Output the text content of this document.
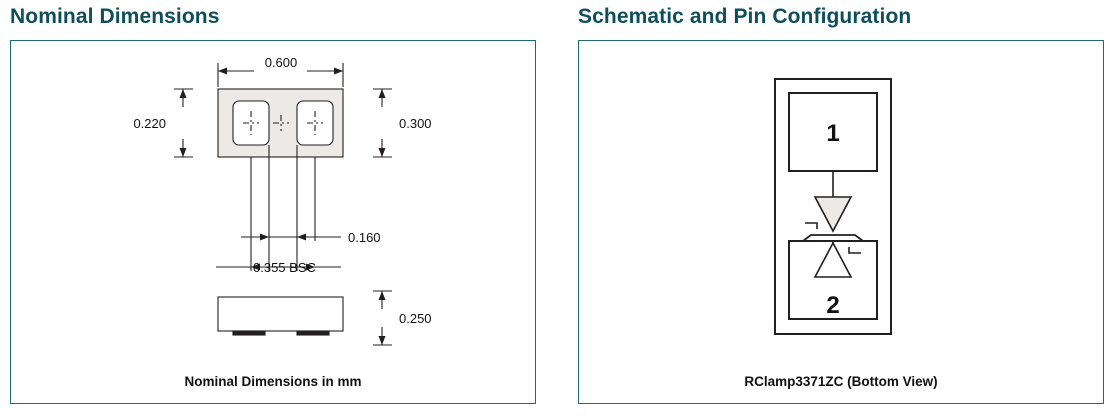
Nominal Dimensions
0.600
0.220	0.300
0.160
0.355 BSC
0.250
Nominal Dimensions in mm
Schematic and Pin Configuration
1
2
RClamp3371ZC (Bottom View)
